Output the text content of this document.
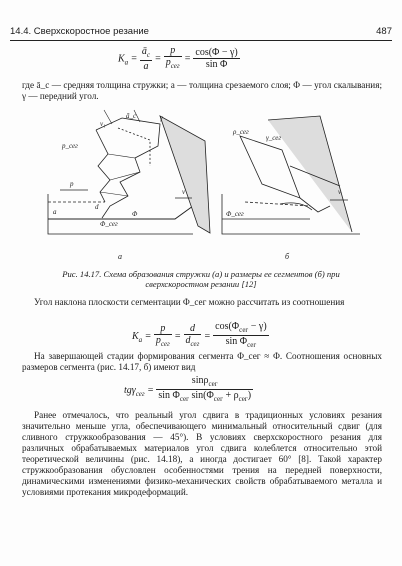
14.4. Сверхскоростное резание	487
$K_a = \frac{ā_c}{a} = \frac{p}{p_{сег}} = \frac{\cos(\Phi - \gamma)}{\text{sin Φ}}$
где ā_c — средняя толщина стружки; a — толщина срезаемого слоя; Φ — угол скалывания; γ — передний угол.
v₁
ā_c	γ
p_сег
p
a
d
Φ_сег
Φ
v
ρ_сег
γ_сег
Φ_сег
v
а	б
Рис. 14.17. Схема образования стружки (а) и размеры ее сегментов (б) при сверхскоростном резании [12]
Угол наклона плоскости сегментации Φ_сег можно рассчитать из соотношения
$K_a = \frac{p}{p_{сег}} = \frac{d}{d_{сег}} = \frac{\cos(\Phi_{сег} - \gamma)}{\sin \Phi_{сег}}$
На завершающей стадии формирования сегмента Φ_сег ≈ Φ. Соотношения основных размеров сегмента (рис. 14.17, б) имеют вид
$tg\gamma_{сег} = \frac{\sin\rho_{сег}}{\sin \Phi_{сег} \sin(\Phi_{сег} + \rho_{сег})}$
Ранее отмечалось, что реальный угол сдвига в традиционных условиях резания значительно меньше угла, обеспечивающего минимальный относительный сдвиг (для сливного стружкообразования — 45°). В условиях сверхскоростного резания для различных обрабатываемых материалов угол сдвига колеблется относительно этой теоретической величины (рис. 14.18), а иногда достигает 60° [8]. Такой характер стружкообразования обусловлен особенностями трения на передней поверхности, динамическими изменениями физико-механических свойств обрабатываемого металла и условиями протекания микродеформаций.
